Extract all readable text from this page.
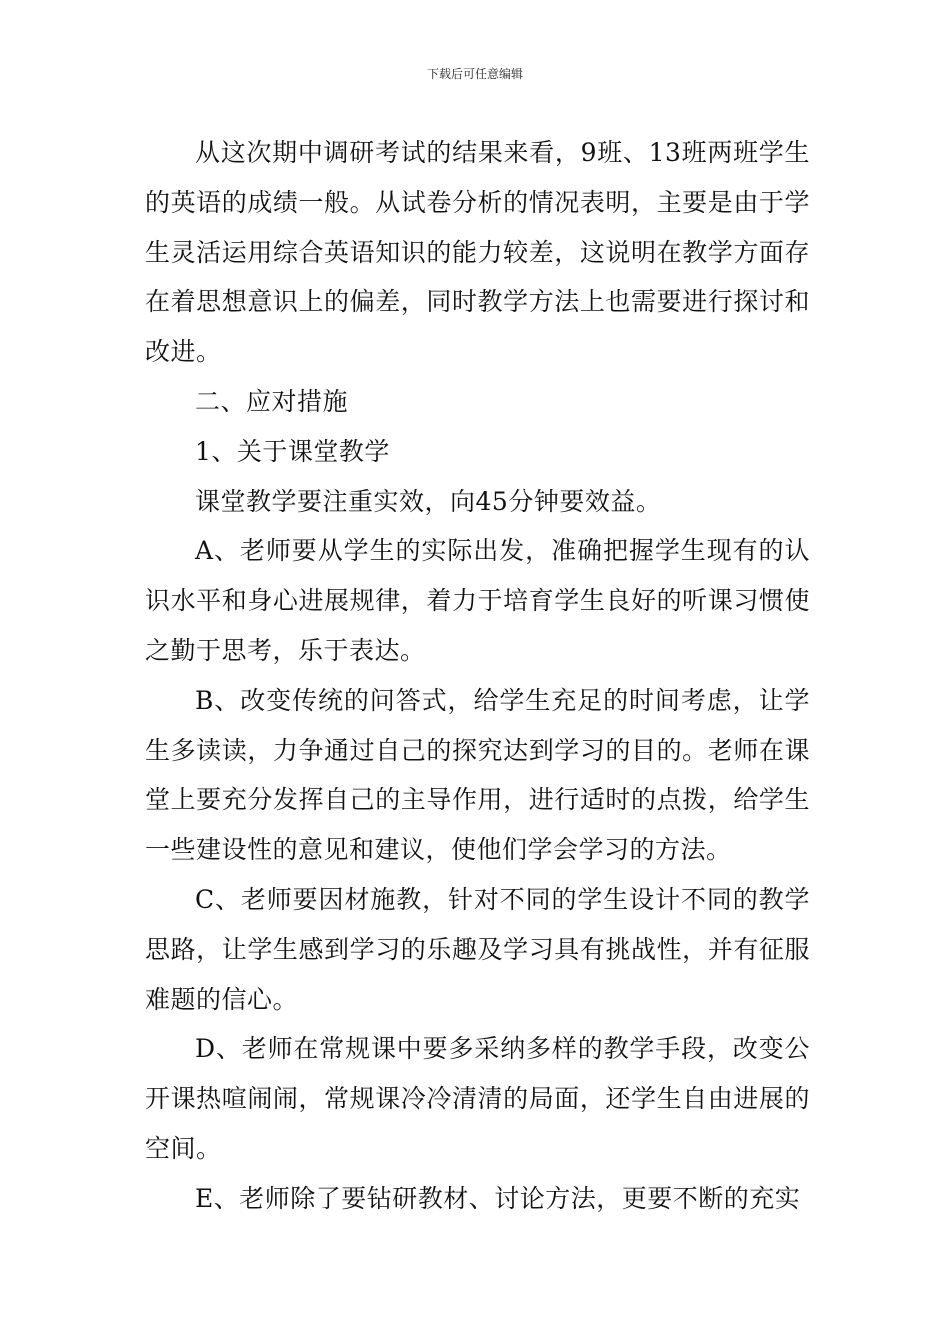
下载后可任意编辑

从这次期中调研考试的结果来看，9班、13班两班学生的英语的成绩一般。从试卷分析的情况表明，主要是由于学生灵活运用综合英语知识的能力较差，这说明在教学方面存在着思想意识上的偏差，同时教学方法上也需要进行探讨和改进。

二、应对措施

1、关于课堂教学

课堂教学要注重实效，向45分钟要效益。

A、老师要从学生的实际出发，准确把握学生现有的认识水平和身心进展规律，着力于培育学生良好的听课习惯使之勤于思考，乐于表达。

B、改变传统的问答式，给学生充足的时间考虑，让学生多读读，力争通过自己的探究达到学习的目的。老师在课堂上要充分发挥自己的主导作用，进行适时的点拨，给学生一些建设性的意见和建议，使他们学会学习的方法。

C、老师要因材施教，针对不同的学生设计不同的教学思路，让学生感到学习的乐趣及学习具有挑战性，并有征服难题的信心。

D、老师在常规课中要多采纳多样的教学手段，改变公开课热喧闹闹，常规课冷冷清清的局面，还学生自由进展的空间。

E、老师除了要钻研教材、讨论方法，更要不断的充实
